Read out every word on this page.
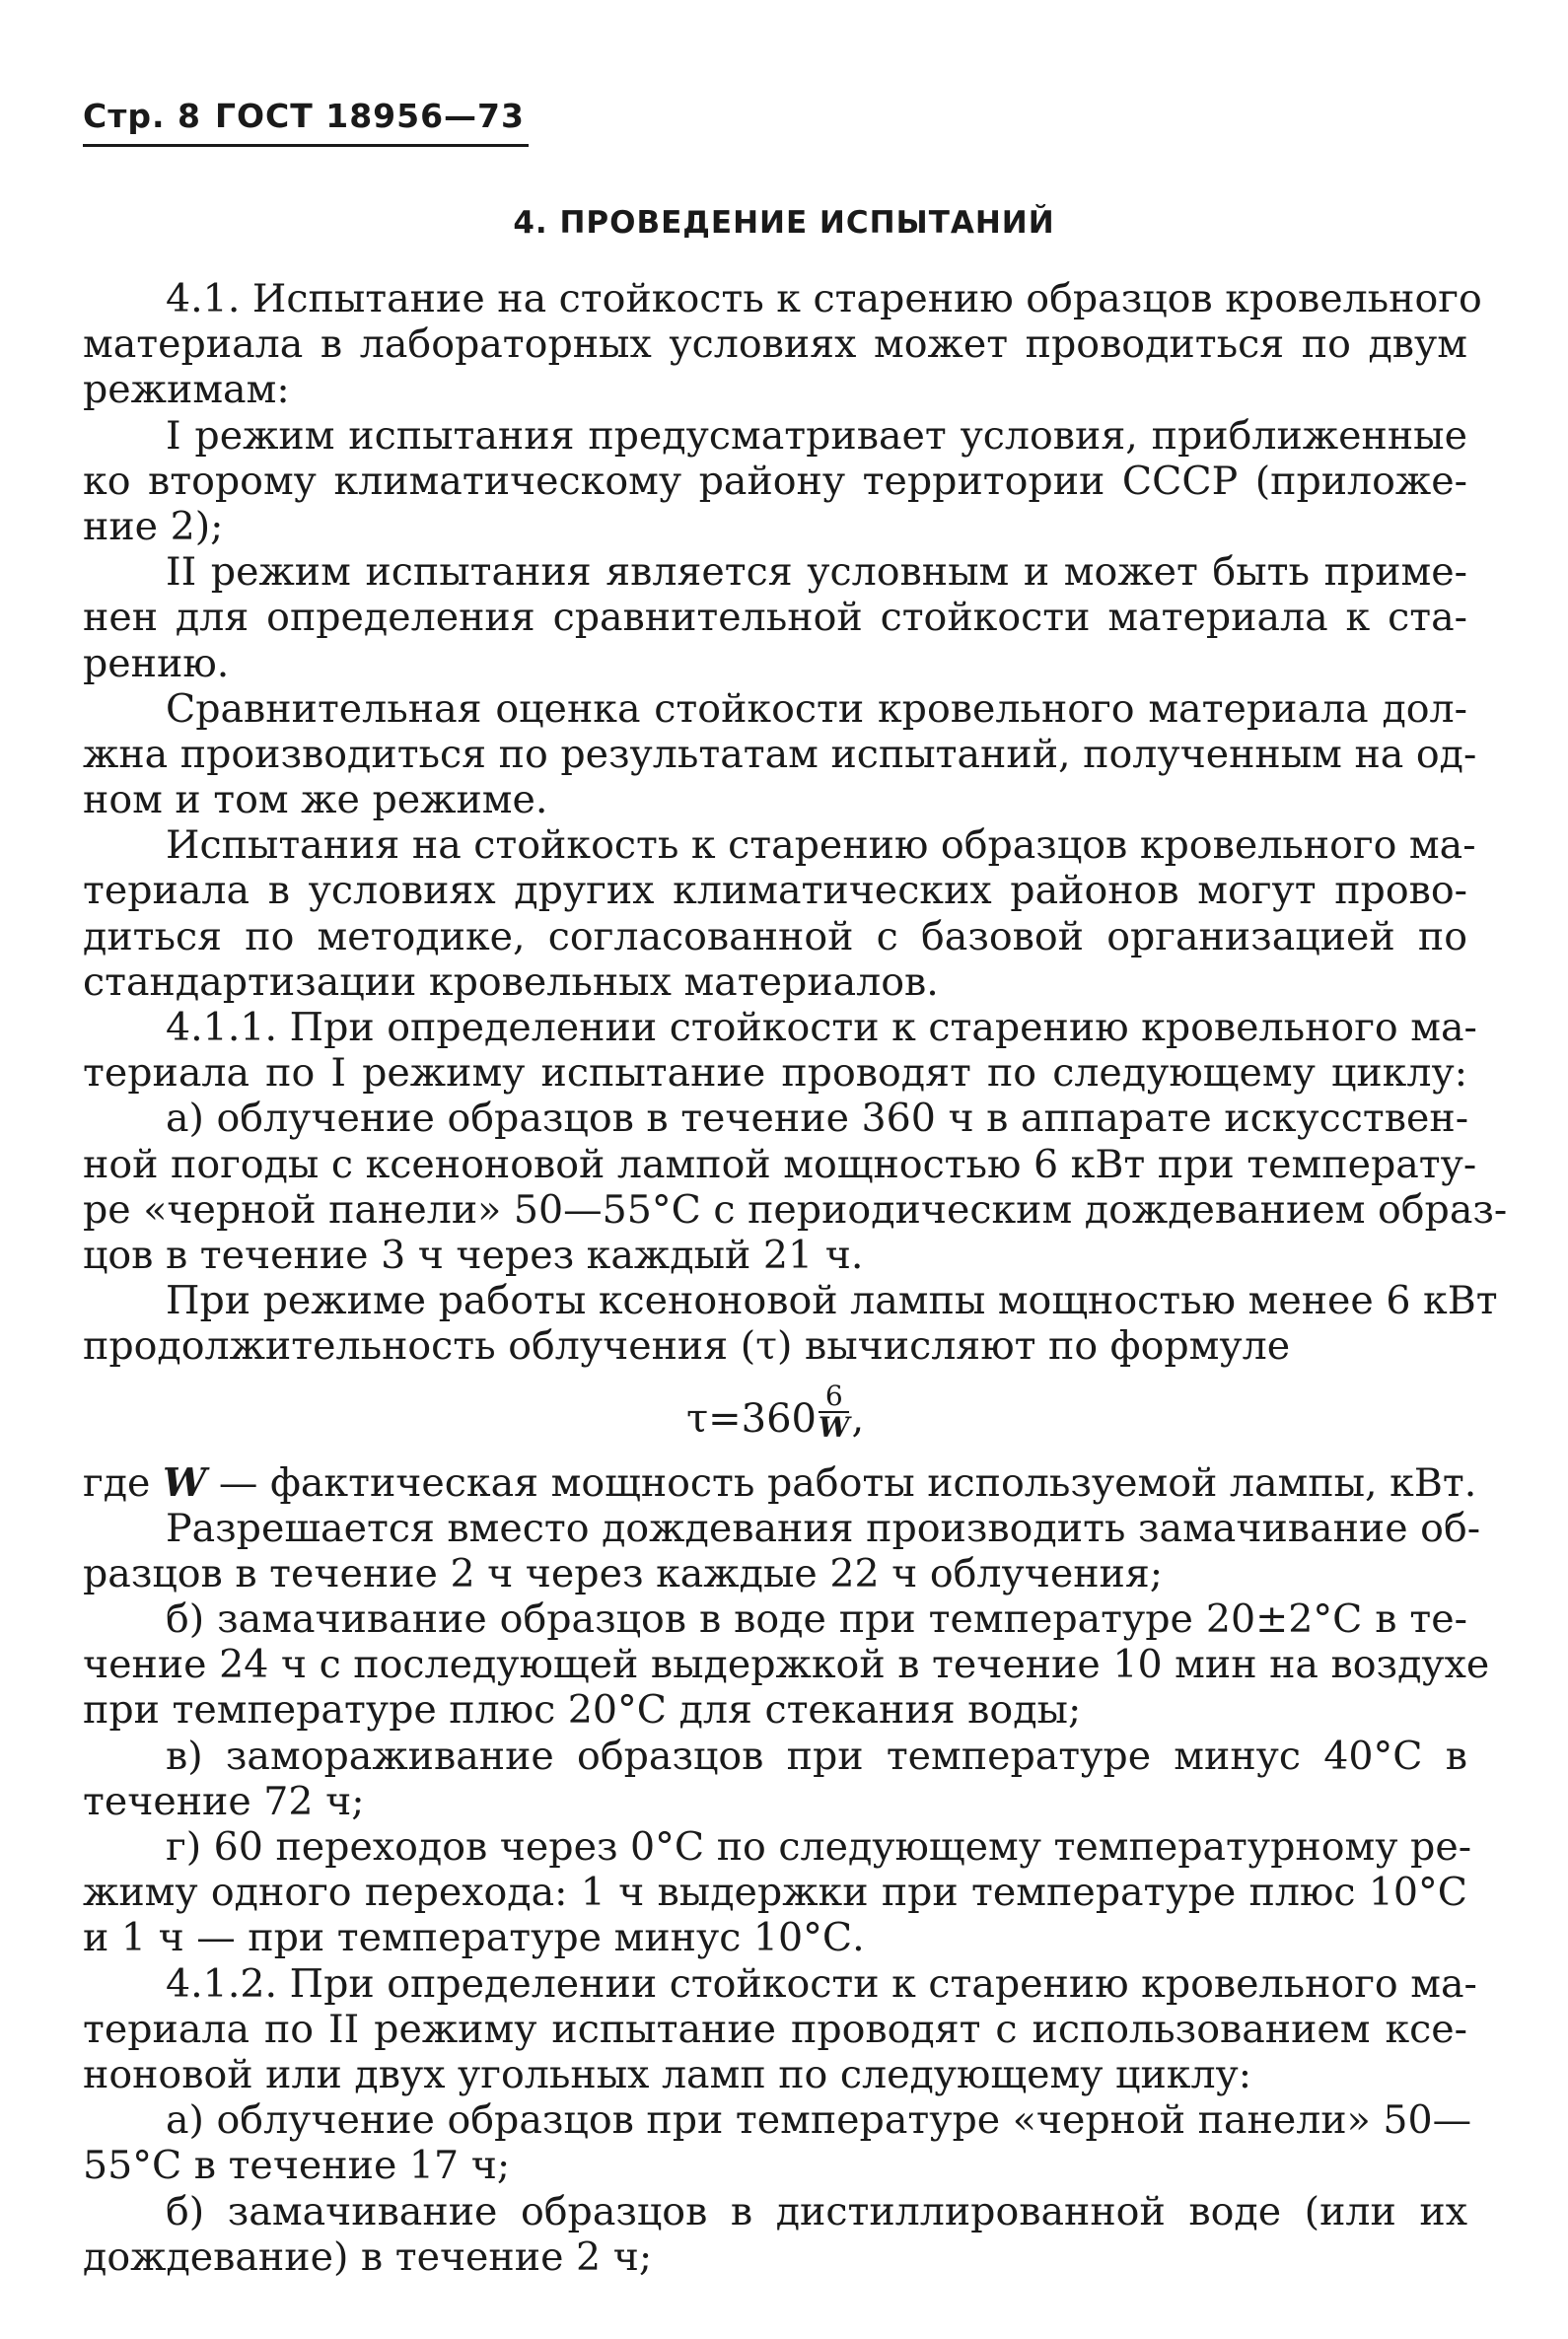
Стр. 8 ГОСТ 18956—73
4. ПРОВЕДЕНИЕ ИСПЫТАНИЙ
4.1. Испытание на стойкость к старению образцов кровельного
материала в лабораторных условиях может проводиться по двум
режимам:
I режим испытания предусматривает условия, приближенные
ко второму климатическому району территории СССР (приложе-
ние 2);
II режим испытания является условным и может быть приме-
нен для определения сравнительной стойкости материала к ста-
рению.
Сравнительная оценка стойкости кровельного материала дол-
жна производиться по результатам испытаний, полученным на од-
ном и том же режиме.
Испытания на стойкость к старению образцов кровельного ма-
териала в условиях других климатических районов могут прово-
диться по методике, согласованной с базовой организацией по
стандартизации кровельных материалов.
4.1.1. При определении стойкости к старению кровельного ма-
териала по I режиму испытание проводят по следующему циклу:
а) облучение образцов в течение 360 ч в аппарате искусствен-
ной погоды с ксеноновой лампой мощностью 6 кВт при температу-
ре «черной панели» 50—55°С с периодическим дождеванием образ-
цов в течение 3 ч через каждый 21 ч.
При режиме работы ксеноновой лампы мощностью менее 6 кВт
продолжительность облучения (τ) вычисляют по формуле
$\tau=360 \frac{6}{W}$ ,
где W — фактическая мощность работы используемой лампы, кВт.
Разрешается вместо дождевания производить замачивание об-
разцов в течение 2 ч через каждые 22 ч облучения;
б) замачивание образцов в воде при температуре 20±2°С в те-
чение 24 ч с последующей выдержкой в течение 10 мин на воздухе
при температуре плюс 20°С для стекания воды;
в) замораживание образцов при температуре минус 40°С в
течение 72 ч;
г) 60 переходов через 0°С по следующему температурному ре-
жиму одного перехода: 1 ч выдержки при температуре плюс 10°С
и 1 ч — при температуре минус 10°С.
4.1.2. При определении стойкости к старению кровельного ма-
териала по II режиму испытание проводят с использованием ксе-
ноновой или двух угольных ламп по следующему циклу:
а) облучение образцов при температуре «черной панели» 50—
55°С в течение 17 ч;
б) замачивание образцов в дистиллированной воде (или их
дождевание) в течение 2 ч;
